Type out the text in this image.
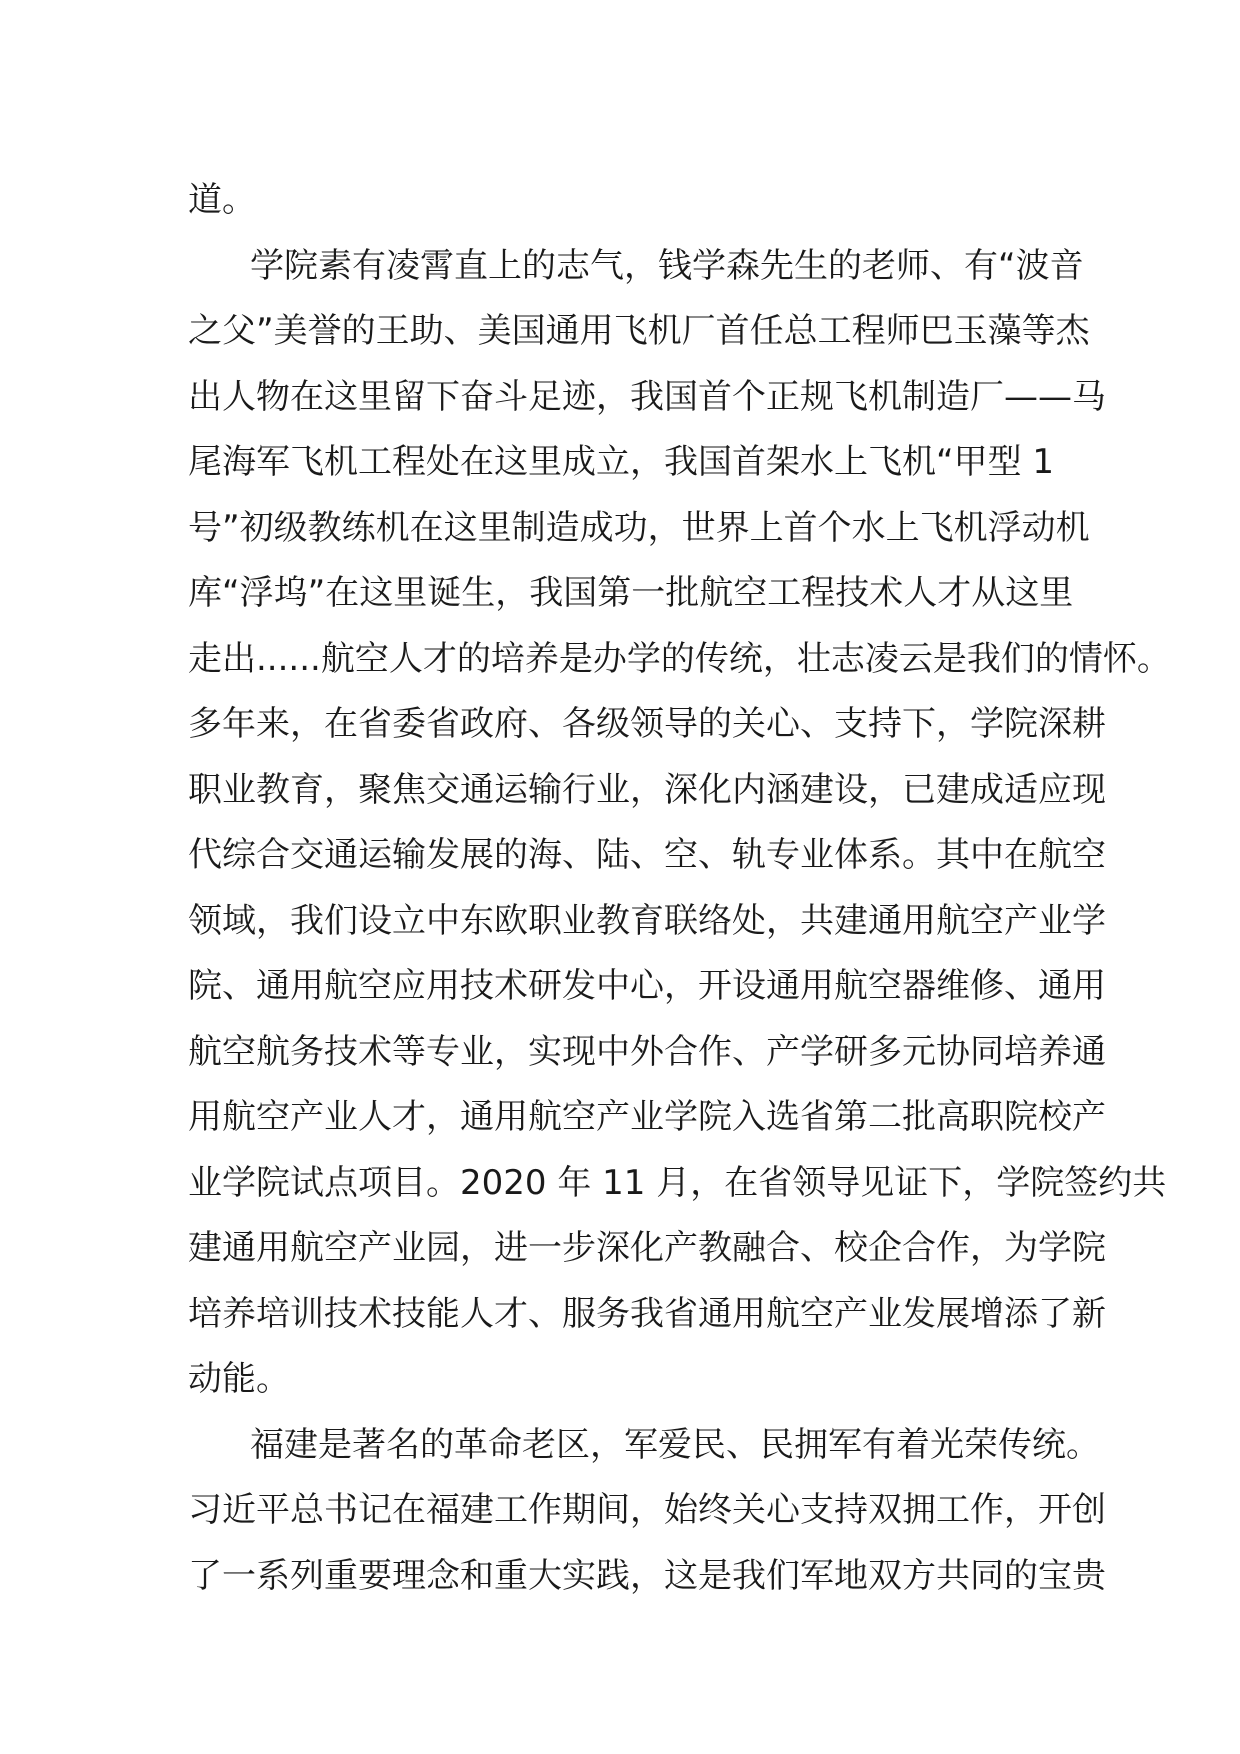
道。
学院素有凌霄直上的志气，钱学森先生的老师、有“波音
之父”美誉的王助、美国通用飞机厂首任总工程师巴玉藻等杰
出人物在这里留下奋斗足迹，我国首个正规飞机制造厂——马
尾海军飞机工程处在这里成立，我国首架水上飞机“甲型 1
号”初级教练机在这里制造成功，世界上首个水上飞机浮动机
库“浮坞”在这里诞生，我国第一批航空工程技术人才从这里
走出......航空人才的培养是办学的传统，壮志凌云是我们的情怀。
多年来，在省委省政府、各级领导的关心、支持下，学院深耕
职业教育，聚焦交通运输行业，深化内涵建设，已建成适应现
代综合交通运输发展的海、陆、空、轨专业体系。其中在航空
领域，我们设立中东欧职业教育联络处，共建通用航空产业学
院、通用航空应用技术研发中心，开设通用航空器维修、通用
航空航务技术等专业，实现中外合作、产学研多元协同培养通
用航空产业人才，通用航空产业学院入选省第二批高职院校产
业学院试点项目。2020 年 11 月，在省领导见证下，学院签约共
建通用航空产业园，进一步深化产教融合、校企合作，为学院
培养培训技术技能人才、服务我省通用航空产业发展增添了新
动能。
福建是著名的革命老区，军爱民、民拥军有着光荣传统。
习近平总书记在福建工作期间，始终关心支持双拥工作，开创
了一系列重要理念和重大实践，这是我们军地双方共同的宝贵
